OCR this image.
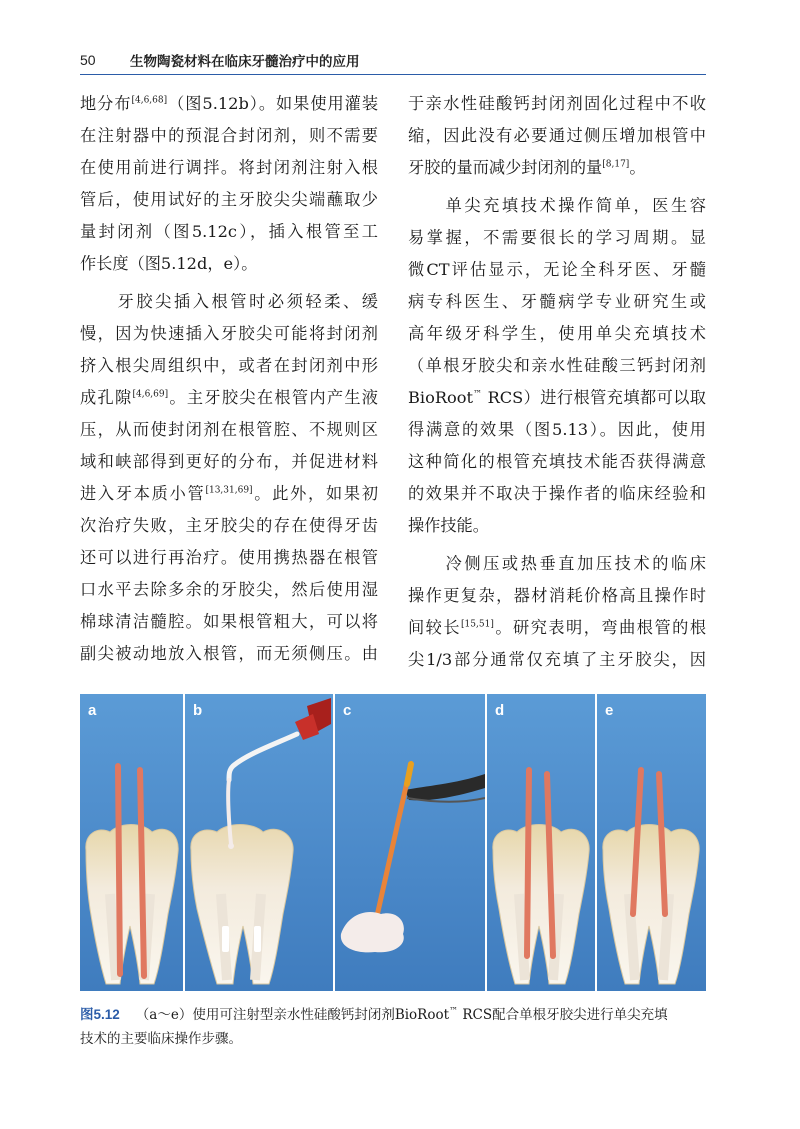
50	生物陶瓷材料在临床牙髓治疗中的应用
地分布[4,6,68]（图5.12b）。如果使用灌装
在注射器中的预混合封闭剂，则不需要
在使用前进行调拌。将封闭剂注射入根
管后，使用试好的主牙胶尖尖端蘸取少
量封闭剂（图5.12c），插入根管至工
作长度（图5.12d，e）。
　　牙胶尖插入根管时必须轻柔、缓
慢，因为快速插入牙胶尖可能将封闭剂
挤入根尖周组织中，或者在封闭剂中形
成孔隙[4,6,69]。主牙胶尖在根管内产生液
压，从而使封闭剂在根管腔、不规则区
域和峡部得到更好的分布，并促进材料
进入牙本质小管[13,31,69]。此外，如果初
次治疗失败，主牙胶尖的存在使得牙齿
还可以进行再治疗。使用携热器在根管
口水平去除多余的牙胶尖，然后使用湿
棉球清洁髓腔。如果根管粗大，可以将
副尖被动地放入根管，而无须侧压。由
于亲水性硅酸钙封闭剂固化过程中不收
缩，因此没有必要通过侧压增加根管中
牙胶的量而减少封闭剂的量[8,17]。
　　单尖充填技术操作简单，医生容
易掌握，不需要很长的学习周期。显
微CT评估显示，无论全科牙医、牙髓
病专科医生、牙髓病学专业研究生或
高年级牙科学生，使用单尖充填技术
（单根牙胶尖和亲水性硅酸三钙封闭剂
BioRoot™ RCS）进行根管充填都可以取
得满意的效果（图5.13）。因此，使用
这种简化的根管充填技术能否获得满意
的效果并不取决于操作者的临床经验和
操作技能。
　　冷侧压或热垂直加压技术的临床
操作更复杂，器材消耗价格高且操作时
间较长[15,51]。研究表明，弯曲根管的根
尖1/3部分通常仅充填了主牙胶尖，因
a	b	c	d	e
图5.12 （a～e）使用可注射型亲水性硅酸钙封闭剂BioRoot™ RCS配合单根牙胶尖进行单尖充填
技术的主要临床操作步骤。
